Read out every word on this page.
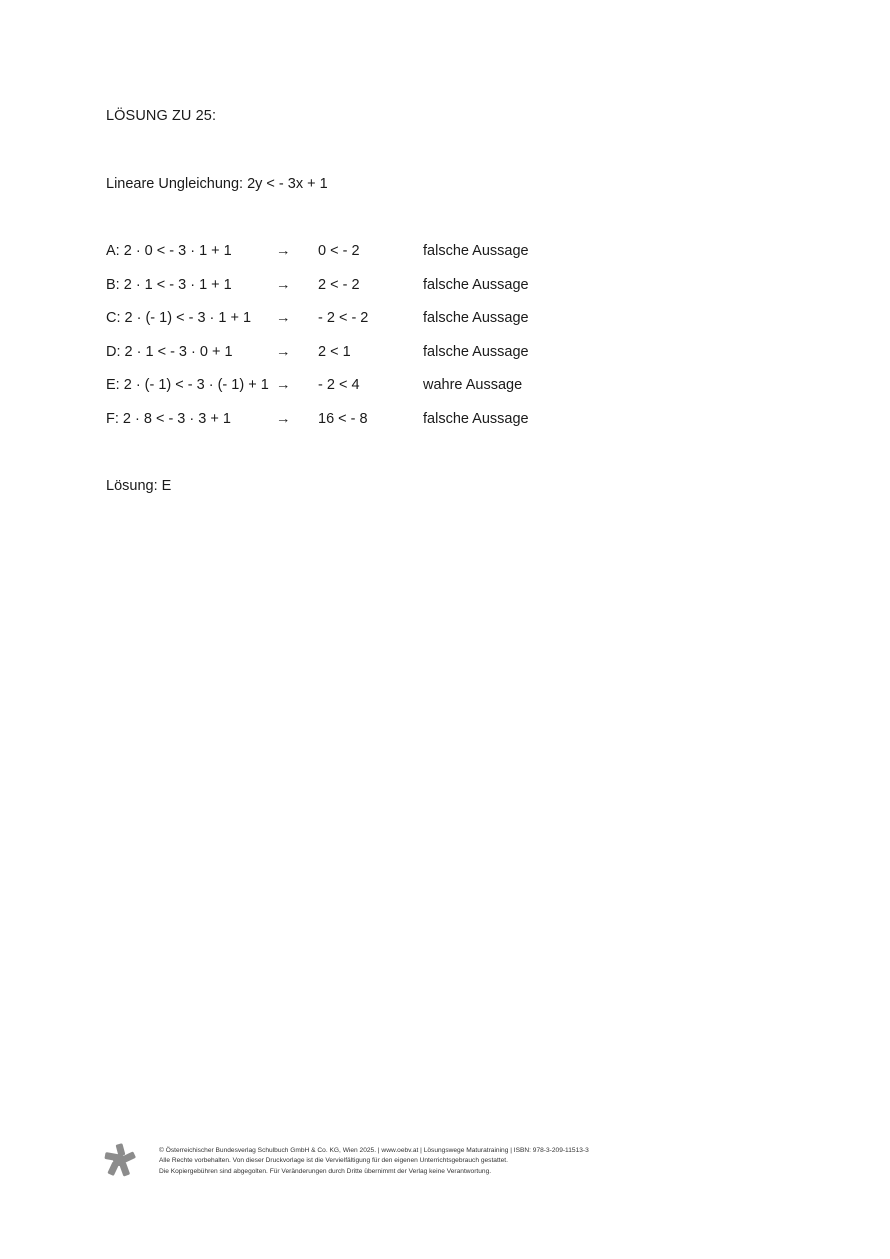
LÖSUNG ZU 25:
Lineare Ungleichung: 2y < - 3x + 1
A: 2 · 0 < - 3 · 1 + 1	→ 0 < - 2	falsche Aussage
B: 2 · 1 < - 3 · 1 + 1	→ 2 < - 2	falsche Aussage
C: 2 · (- 1) < - 3 · 1 + 1 → - 2 < - 2	falsche Aussage
D: 2 · 1 < - 3 · 0 + 1	→ 2 < 1	falsche Aussage
E: 2 · (- 1) < - 3 · (- 1) + 1 → - 2 < 4	wahre Aussage
F: 2 · 8 < - 3 · 3 + 1	→ 16 < - 8	falsche Aussage
Lösung: E
© Österreichischer Bundesverlag Schulbuch GmbH & Co. KG, Wien 2025. | www.oebv.at | Lösungswege Maturatraining | ISBN: 978-3-209-11513-3
Alle Rechte vorbehalten. Von dieser Druckvorlage ist die Vervielfältigung für den eigenen Unterrichtsgebrauch gestattet.
Die Kopiergebühren sind abgegolten. Für Veränderungen durch Dritte übernimmt der Verlag keine Verantwortung.
